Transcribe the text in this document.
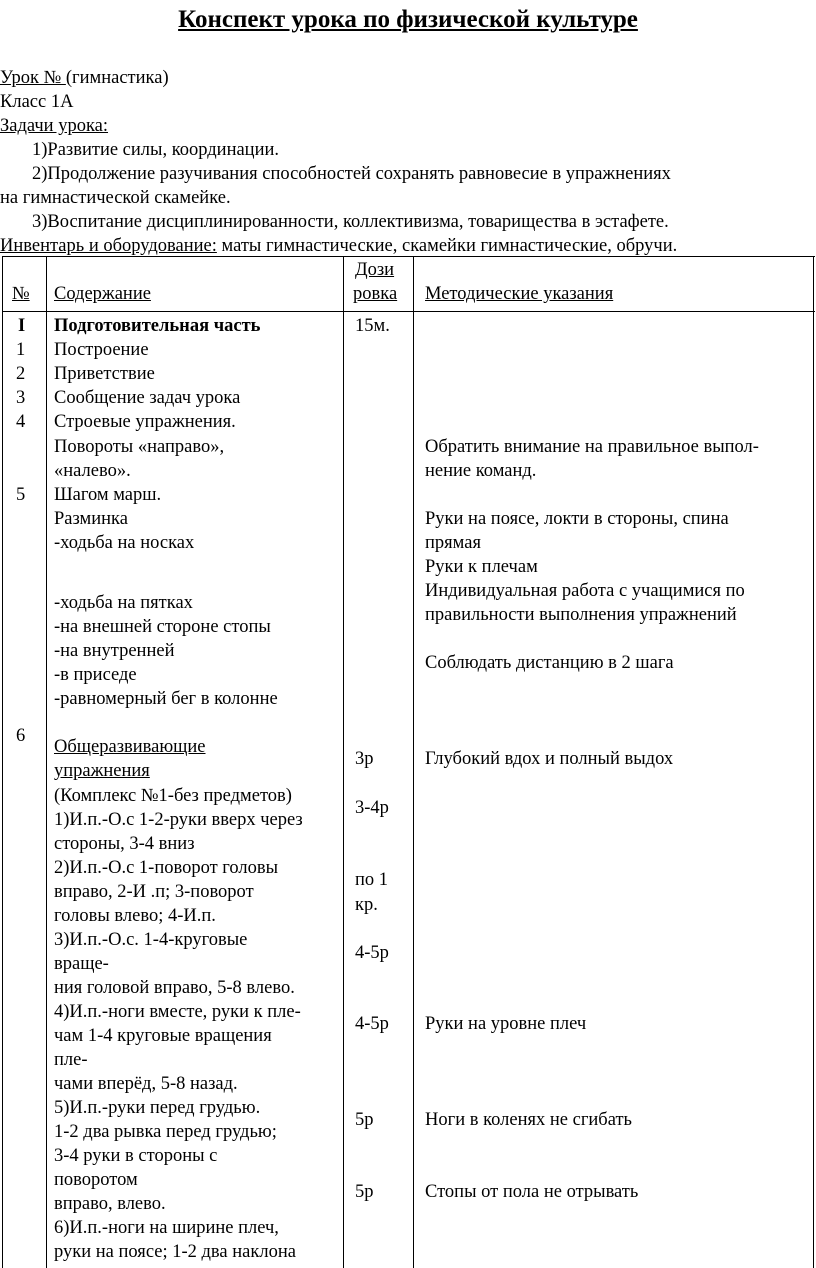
Конспект урока по физической культуре
Урок № (гимнастика)
Класс 1А
Задачи урока:
1)Развитие силы, координации.
2)Продолжение разучивания способностей сохранять равновесие в упражнениях
на гимнастической скамейке.
3)Воспитание дисциплинированности, коллективизма, товарищества в эстафете.
Инвентарь и оборудование: маты гимнастические, скамейки гимнастические, обручи.
№ Содержание
Дози
ровка Методические указания
I
1
2
3
4
5
6
Подготовительная часть
Построение
Приветствие
Сообщение задач урока
Строевые упражнения.
Повороты «направо»,
«налево».
Шагом марш.
Разминка
-ходьба на носках
-ходьба на пятках
-на внешней стороне стопы
-на внутренней
-в приседе
-равномерный бег в колонне
Общеразвивающие
упражнения
(Комплекс №1-без предметов)
1)И.п.-О.с 1-2-руки вверх через
стороны, 3-4 вниз
2)И.п.-О.с 1-поворот головы
вправо, 2-И .п; 3-поворот
головы влево; 4-И.п.
3)И.п.-О.с. 1-4-круговые
враще-
ния головой вправо, 5-8 влево.
4)И.п.-ноги вместе, руки к пле-
чам 1-4 круговые вращения
пле-
чами вперёд, 5-8 назад.
5)И.п.-руки перед грудью.
1-2 два рывка перед грудью;
3-4 руки в стороны с
поворотом
вправо, влево.
6)И.п.-ноги на ширине плеч,
руки на поясе; 1-2 два наклона
15м.
3р
3-4р
по 1
кр.
4-5р
4-5р
5р
5р
Обратить внимание на правильное выпол-
нение команд.
Руки на поясе, локти в стороны, спина
прямая
Руки к плечам
Индивидуальная работа с учащимися по
правильности выполнения упражнений
Соблюдать дистанцию в 2 шага
Глубокий вдох и полный выдох
Руки на уровне плеч
Ноги в коленях не сгибать
Стопы от пола не отрывать
